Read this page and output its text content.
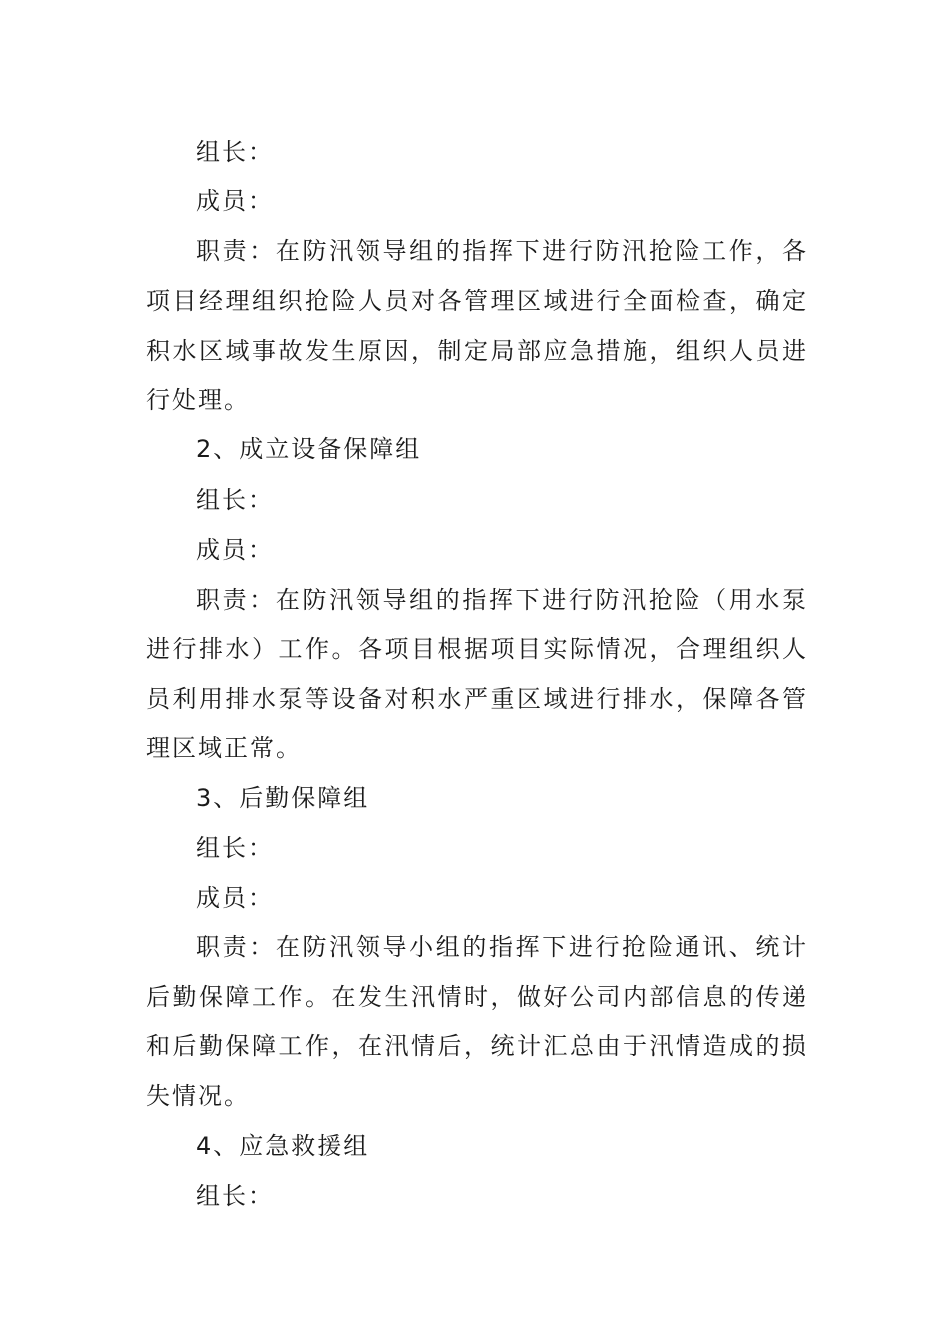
组长：
成员：
职责：在防汛领导组的指挥下进行防汛抢险工作，各
项目经理组织抢险人员对各管理区域进行全面检查，确定
积水区域事故发生原因，制定局部应急措施，组织人员进
行处理。
2、成立设备保障组
组长：
成员：
职责：在防汛领导组的指挥下进行防汛抢险（用水泵
进行排水）工作。各项目根据项目实际情况，合理组织人
员利用排水泵等设备对积水严重区域进行排水，保障各管
理区域正常。
3、后勤保障组
组长：
成员：
职责：在防汛领导小组的指挥下进行抢险通讯、统计
后勤保障工作。在发生汛情时，做好公司内部信息的传递
和后勤保障工作，在汛情后，统计汇总由于汛情造成的损
失情况。
4、应急救援组
组长：
